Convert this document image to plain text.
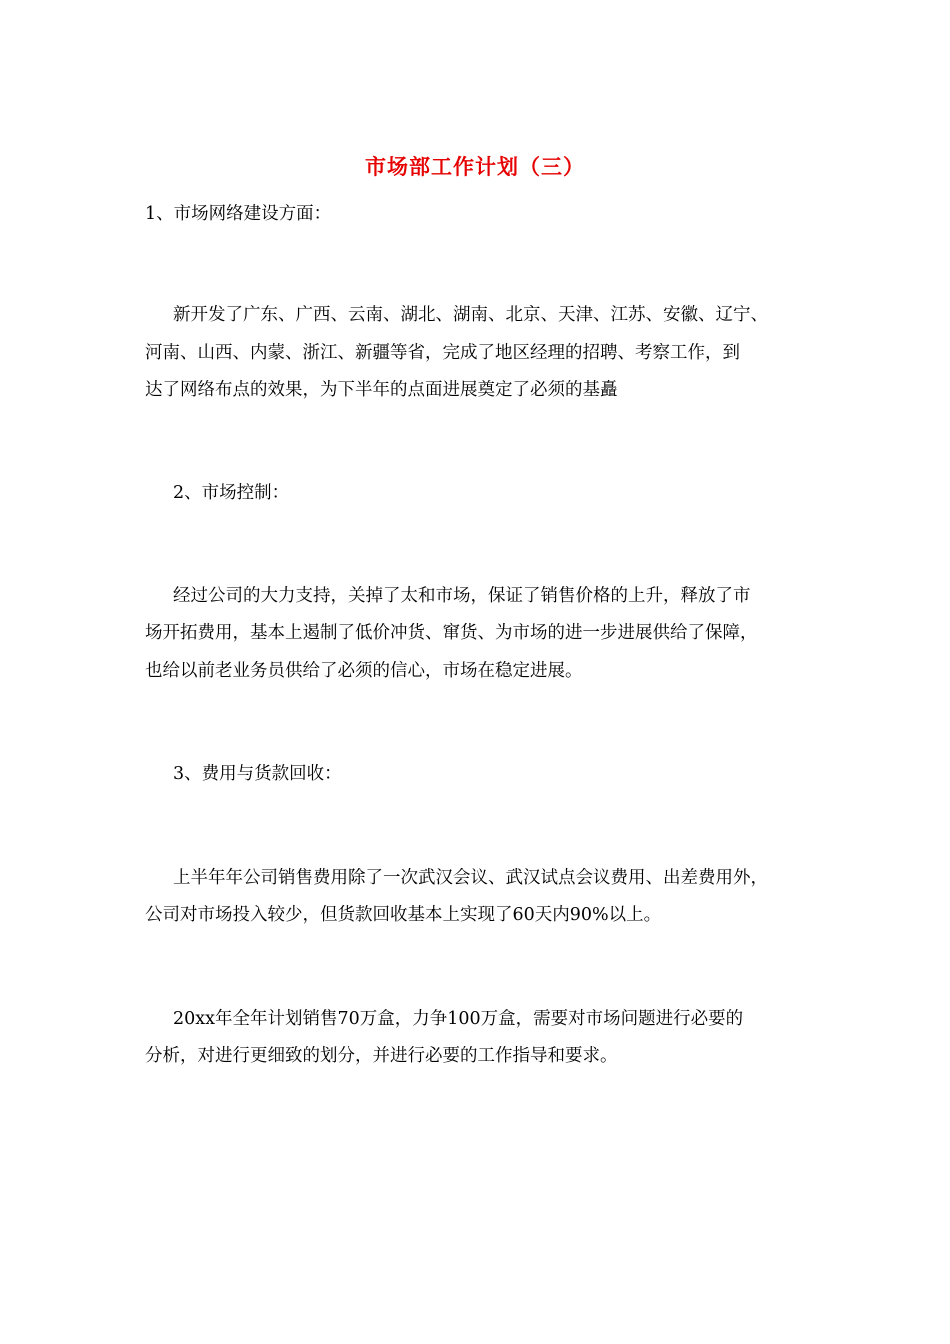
市场部工作计划（三）
1、市场网络建设方面：
新开发了广东、广西、云南、湖北、湖南、北京、天津、江苏、安徽、辽宁、
河南、山西、内蒙、浙江、新疆等省，完成了地区经理的招聘、考察工作，到
达了网络布点的效果，为下半年的点面进展奠定了必须的基矗
2、市场控制：
经过公司的大力支持，关掉了太和市场，保证了销售价格的上升，释放了市
场开拓费用，基本上遏制了低价冲货、窜货、为市场的进一步进展供给了保障，
也给以前老业务员供给了必须的信心，市场在稳定进展。
3、费用与货款回收：
上半年年公司销售费用除了一次武汉会议、武汉试点会议费用、出差费用外，
公司对市场投入较少，但货款回收基本上实现了60天内90%以上。
20xx年全年计划销售70万盒，力争100万盒，需要对市场问题进行必要的
分析，对进行更细致的划分，并进行必要的工作指导和要求。
